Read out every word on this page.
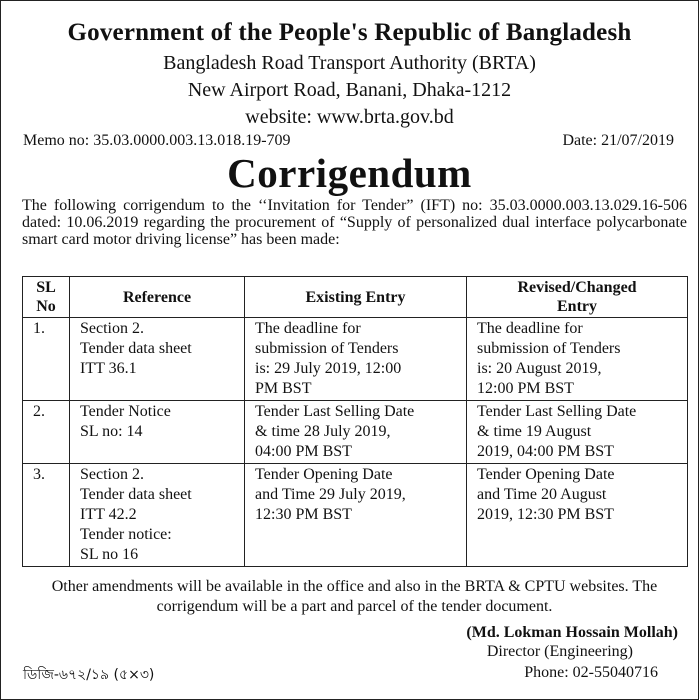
Government of the People's Republic of Bangladesh
Bangladesh Road Transport Authority (BRTA)
New Airport Road, Banani, Dhaka-1212
website: www.brta.gov.bd
Memo no: 35.03.0000.003.13.018.19-709	Date: 21/07/2019
Corrigendum
The following corrigendum to the ‘‘Invitation for Tender” (IFT) no: 35.03.0000.003.13.029.16-506 dated: 10.06.2019 regarding the procurement of “Supply of personalized dual interface polycarbonate smart card motor driving license” has been made:
SL
No	Reference	Existing Entry	Revised/Changed
Entry

1.	Section 2.
Tender data sheet
ITT 36.1	The deadline for
submission of Tenders
is: 29 July 2019, 12:00
PM BST	The deadline for
submission of Tenders
is: 20 August 2019,
12:00 PM BST

2.	Tender Notice
SL no: 14	Tender Last Selling Date
& time 28 July 2019,
04:00 PM BST	Tender Last Selling Date
& time 19 August
2019, 04:00 PM BST

3.	Section 2.
Tender data sheet
ITT 42.2
Tender notice:
SL no 16	Tender Opening Date
and Time 29 July 2019,
12:30 PM BST	Tender Opening Date
and Time 20 August
2019, 12:30 PM BST
Other amendments will be available in the office and also in the BRTA & CPTU websites. The corrigendum will be a part and parcel of the tender document.
(Md. Lokman Hossain Mollah)
Director (Engineering)
Phone: 02-55040716
ডিজি-৬৭২/১৯ (৫×৩)
